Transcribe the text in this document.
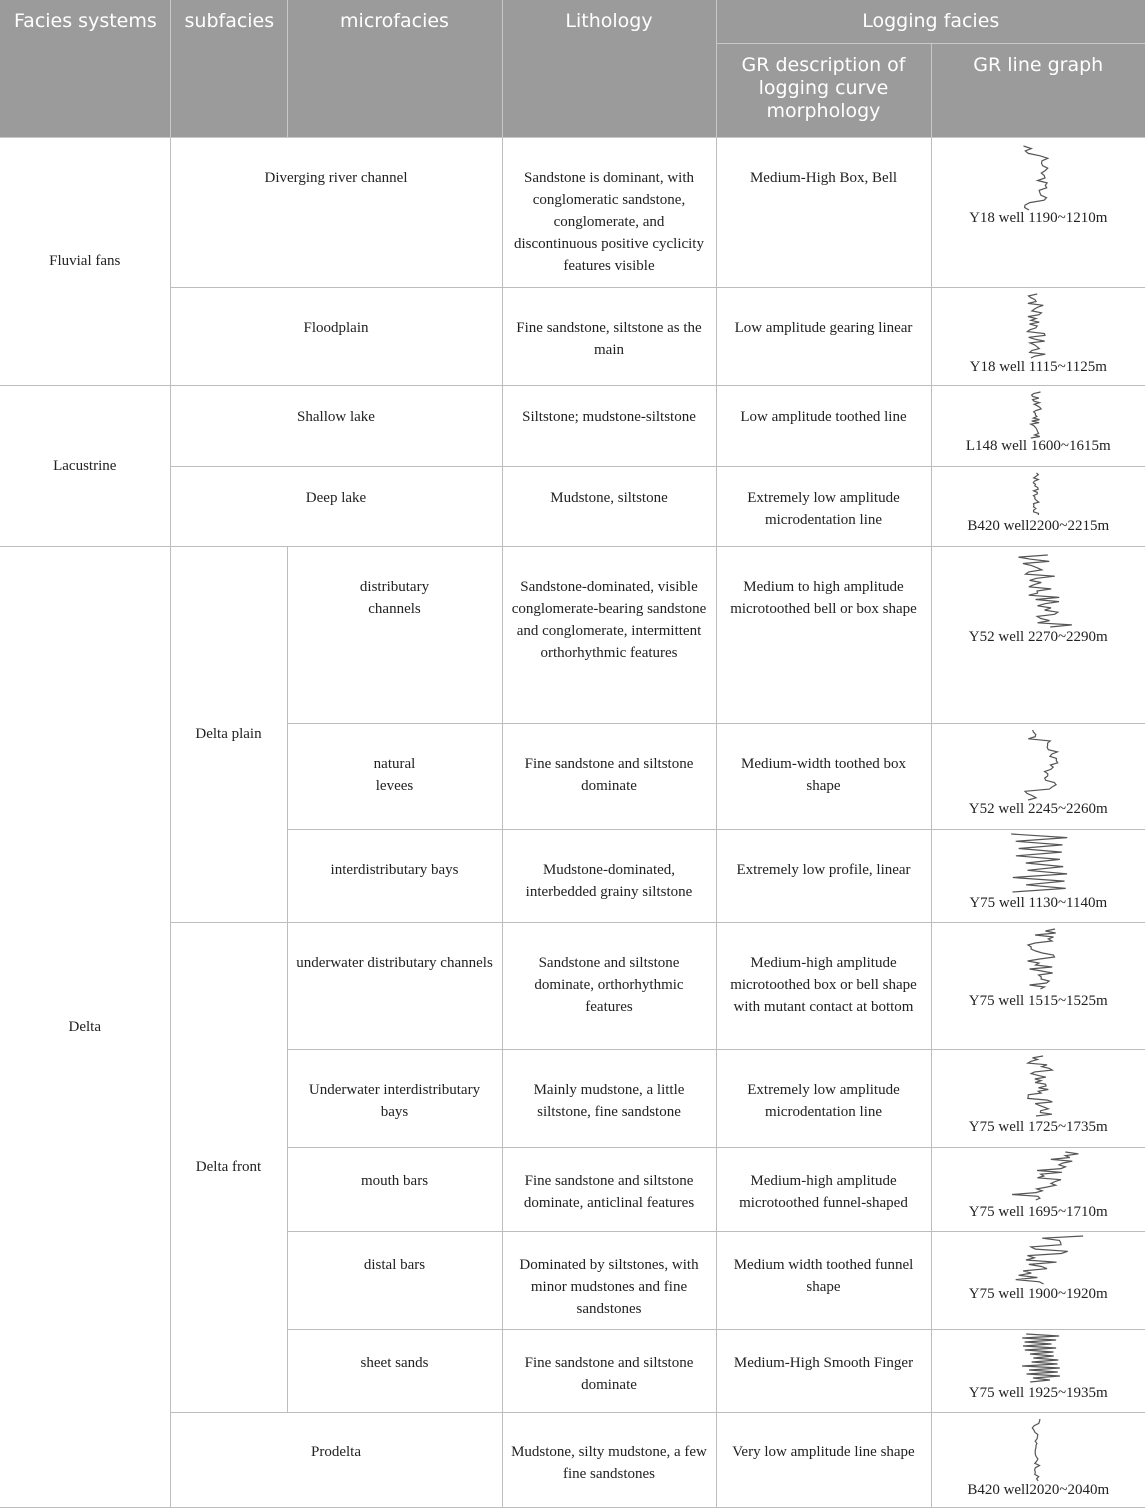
Facies systems	subfacies	microfacies	Lithology	Logging facies	
				GR description of logging curve morphology	GR line graph
Fluvial fans	Diverging river channel		Sandstone is dominant, with conglomeratic sandstone, conglomerate, and discontinuous positive cyclicity features visible	Medium-High Box, Bell	Y18 well 1190~1210m

	Floodplain		Fine sandstone, siltstone as the main	Low amplitude gearing linear	Y18 well 1115~1125m

Lacustrine	Shallow lake		Siltstone; mudstone-siltstone	Low amplitude toothed line	L148 well 1600~1615m

	Deep lake		Mudstone, siltstone	Extremely low amplitude microdentation line	B420 well2200~2215m

Delta	Delta plain	distributary channels	Sandstone-dominated, visible conglomerate-bearing sandstone and conglomerate, intermittent orthorhythmic features	Medium to high amplitude microtoothed bell or box shape	Y52 well 2270~2290m

		natural levees	Fine sandstone and siltstone dominate	Medium-width toothed box shape	Y52 well 2245~2260m

		interdistributary bays	Mudstone-dominated, interbedded grainy siltstone	Extremely low profile, linear	Y75 well 1130~1140m

	Delta front	underwater distributary channels	Sandstone and siltstone dominate, orthorhythmic features	Medium-high amplitude microtoothed box or bell shape with mutant contact at bottom	Y75 well 1515~1525m

		Underwater interdistributary bays	Mainly mudstone, a little siltstone, fine sandstone	Extremely low amplitude microdentation line	Y75 well 1725~1735m

		mouth bars	Fine sandstone and siltstone dominate, anticlinal features	Medium-high amplitude microtoothed funnel-shaped	Y75 well 1695~1710m

		distal bars	Dominated by siltstones, with minor mudstones and fine sandstones	Medium width toothed funnel shape	Y75 well 1900~1920m

		sheet sands	Fine sandstone and siltstone dominate	Medium-High Smooth Finger	Y75 well 1925~1935m

	Prodelta		Mudstone, silty mudstone, a few fine sandstones	Very low amplitude line shape	B420 well2020~2040m
